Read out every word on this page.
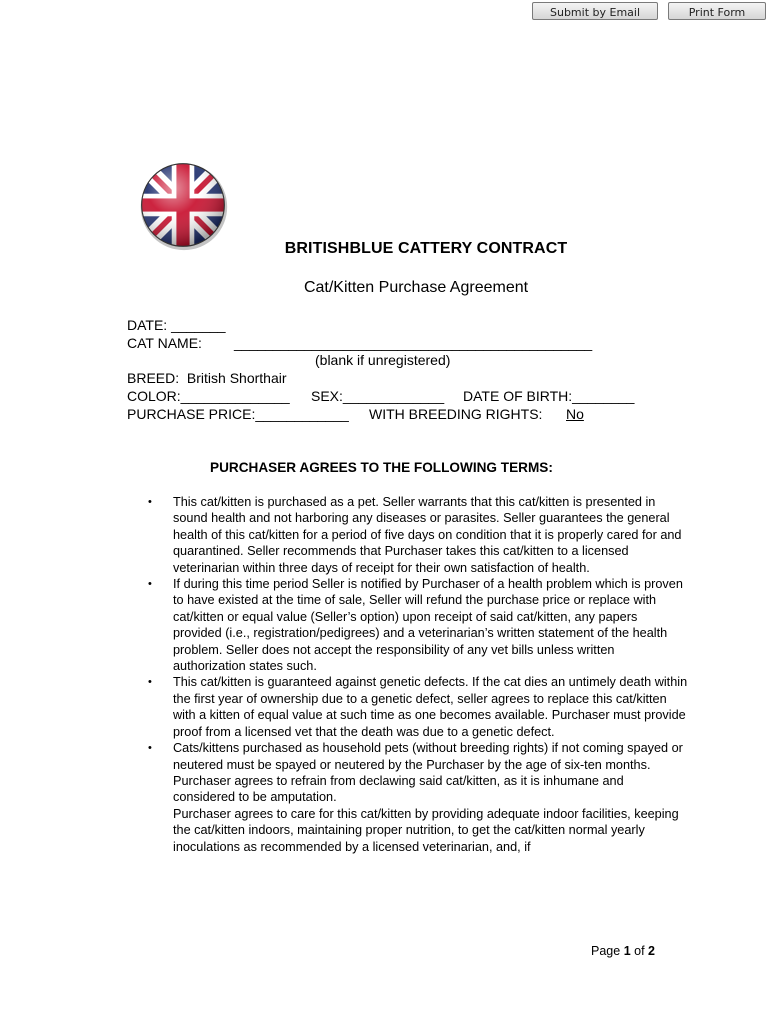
Submit by Email	Print Form
BRITISHBLUE CATTERY CONTRACT
Cat/Kitten Purchase Agreement
DATE: _______
CAT NAME: ______________________________________________
(blank if unregistered)
BREED:  British Shorthair
COLOR:______________ SEX:_____________ DATE OF BIRTH:________
PURCHASE PRICE:____________ WITH BREEDING RIGHTS: No
PURCHASER AGREES TO THE FOLLOWING TERMS:

• This cat/kitten is purchased as a pet. Seller warrants that this cat/kitten is presented in sound health and not harboring any diseases or parasites. Seller guarantees the general health of this cat/kitten for a period of five days on condition that it is properly cared for and quarantined. Seller recommends that Purchaser takes this cat/kitten to a licensed veterinarian within three days of receipt for their own satisfaction of health.

• If during this time period Seller is notified by Purchaser of a health problem which is proven to have existed at the time of sale, Seller will refund the purchase price or replace with cat/kitten or equal value (Seller’s option) upon receipt of said cat/kitten, any papers provided (i.e., registration/pedigrees) and a veterinarian’s written statement of the health problem. Seller does not accept the responsibility of any vet bills unless written authorization states such.

• This cat/kitten is guaranteed against genetic defects. If the cat dies an untimely death within the first year of ownership due to a genetic defect, seller agrees to replace this cat/kitten with a kitten of equal value at such time as one becomes available. Purchaser must provide proof from a licensed vet that the death was due to a genetic defect.

• Cats/kittens purchased as household pets (without breeding rights) if not coming spayed or neutered must be spayed or neutered by the Purchaser by the age of six-ten months.

Purchaser agrees to refrain from declawing said cat/kitten, as it is inhumane and considered to be amputation.

Purchaser agrees to care for this cat/kitten by providing adequate indoor facilities, keeping the cat/kitten indoors, maintaining proper nutrition, to get the cat/kitten normal yearly inoculations as recommended by a licensed veterinarian, and, if

Page 1 of 2
